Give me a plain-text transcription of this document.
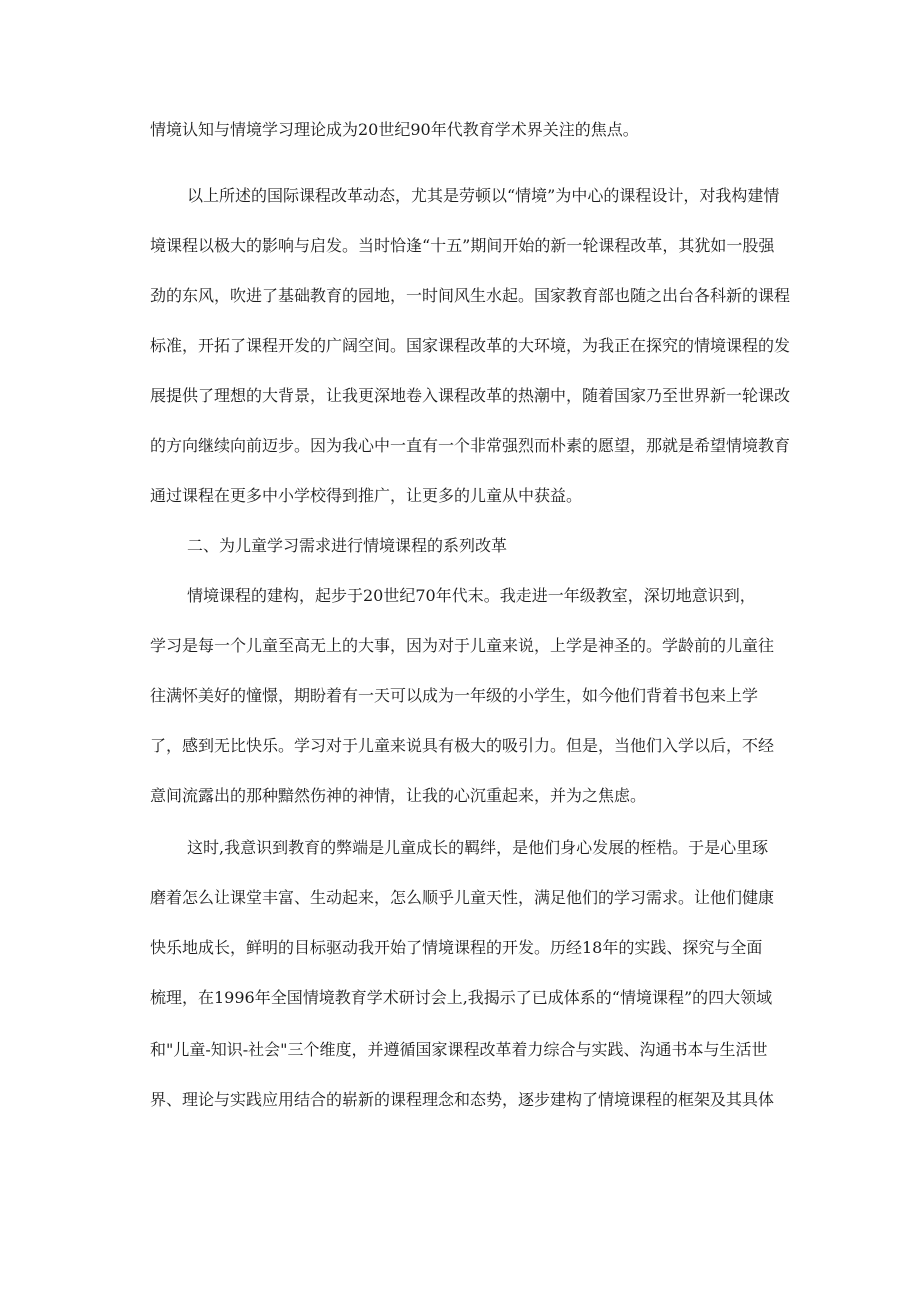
情境认知与情境学习理论成为20世纪90年代教育学术界关注的焦点。
以上所述的国际课程改革动态，尤其是劳顿以“情境”为中心的课程设计，对我构建情
境课程以极大的影响与启发。当时恰逢“十五”期间开始的新一轮课程改革，其犹如一股强
劲的东风，吹进了基础教育的园地，一时间风生水起。国家教育部也随之出台各科新的课程
标准，开拓了课程开发的广阔空间。国家课程改革的大环境，为我正在探究的情境课程的发
展提供了理想的大背景，让我更深地卷入课程改革的热潮中，随着国家乃至世界新一轮课改
的方向继续向前迈步。因为我心中一直有一个非常强烈而朴素的愿望，那就是希望情境教育
通过课程在更多中小学校得到推广，让更多的儿童从中获益。
二、为儿童学习需求进行情境课程的系列改革
情境课程的建构，起步于20世纪70年代末。我走进一年级教室，深切地意识到，
学习是每一个儿童至高无上的大事，因为对于儿童来说，上学是神圣的。学龄前的儿童往
往满怀美好的憧憬，期盼着有一天可以成为一年级的小学生，如今他们背着书包来上学
了，感到无比快乐。学习对于儿童来说具有极大的吸引力。但是，当他们入学以后，不经
意间流露出的那种黯然伤神的神情，让我的心沉重起来，并为之焦虑。
这时,我意识到教育的弊端是儿童成长的羁绊，是他们身心发展的桎梏。于是心里琢
磨着怎么让课堂丰富、生动起来，怎么顺乎儿童天性，满足他们的学习需求。让他们健康
快乐地成长，鲜明的目标驱动我开始了情境课程的开发。历经18年的实践、探究与全面
梳理，在1996年全国情境教育学术研讨会上,我揭示了已成体系的“情境课程”的四大领域
和"儿童-知识-社会"三个维度，并遵循国家课程改革着力综合与实践、沟通书本与生活世
界、理论与实践应用结合的崭新的课程理念和态势，逐步建构了情境课程的框架及其具体
